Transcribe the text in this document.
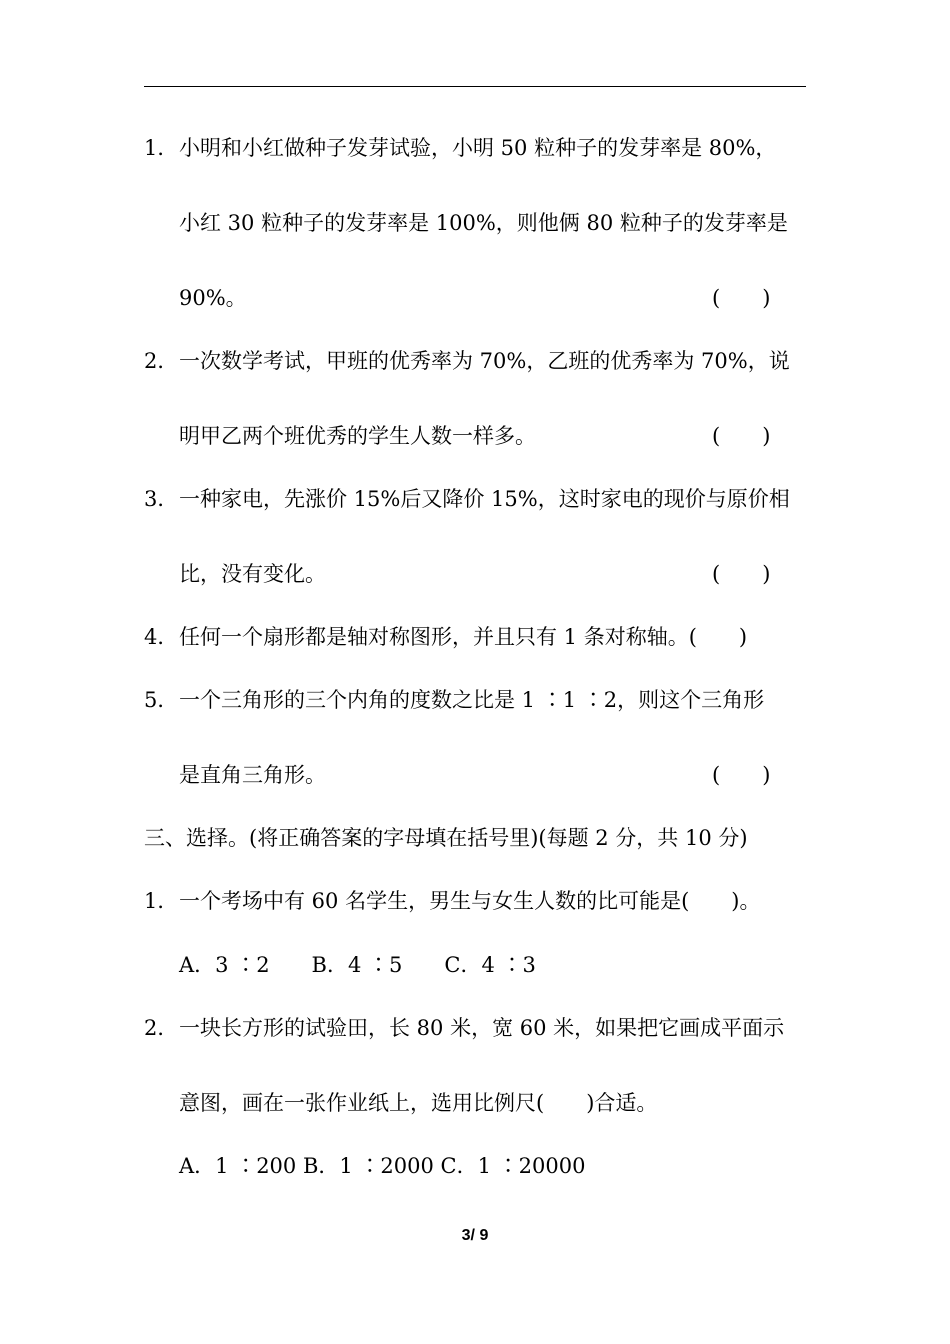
1． 小明和小红做种子发芽试验，小明 50 粒种子的发芽率是 80%，
小红 30 粒种子的发芽率是 100%，则他俩 80 粒种子的发芽率是
90%。	(　　)
2． 一次数学考试，甲班的优秀率为 70%，乙班的优秀率为 70%，说
明甲乙两个班优秀的学生人数一样多。	(　　)
3． 一种家电，先涨价 15%后又降价 15%，这时家电的现价与原价相
比，没有变化。	(　　)
4． 任何一个扇形都是轴对称图形，并且只有 1 条对称轴。(　　)
5． 一个三角形的三个内角的度数之比是 1 ∶1 ∶2，则这个三角形
是直角三角形。	(　　)
三、选择。(将正确答案的字母填在括号里)(每题 2 分，共 10 分)
1． 一个考场中有 60 名学生，男生与女生人数的比可能是(　　)。
A．3 ∶2　　B．4 ∶5　　C．4 ∶3
2． 一块长方形的试验田，长 80 米，宽 60 米，如果把它画成平面示
意图，画在一张作业纸上，选用比例尺(　　)合适。
A．1 ∶200 B．1 ∶2000 C．1 ∶20000
3/ 9
